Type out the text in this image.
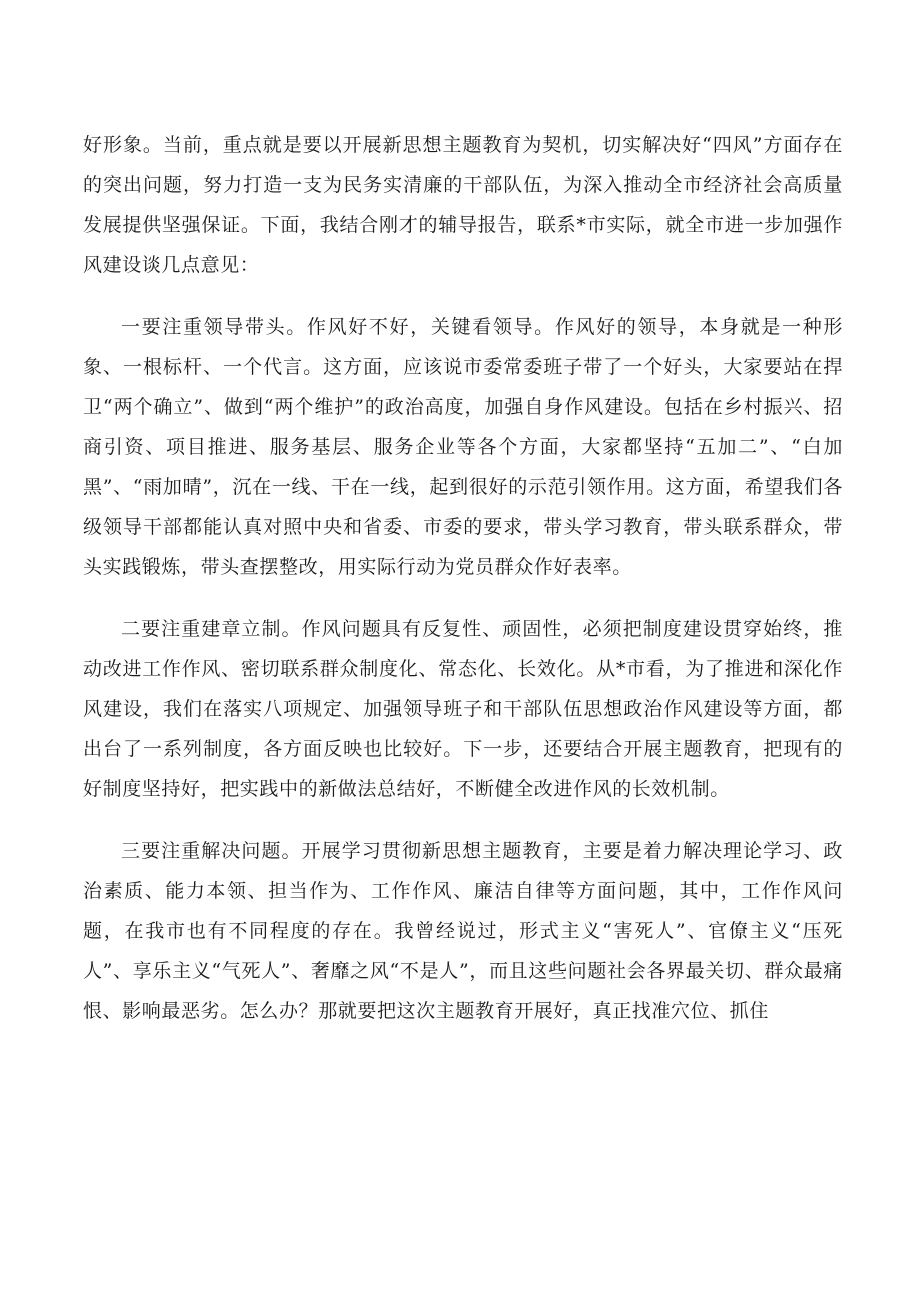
好形象。当前，重点就是要以开展新思想主题教育为契机，切实解决好“四风”方面存在的突出问题，努力打造一支为民务实清廉的干部队伍，为深入推动全市经济社会高质量发展提供坚强保证。下面，我结合刚才的辅导报告，联系*市实际，就全市进一步加强作风建设谈几点意见：

一要注重领导带头。作风好不好，关键看领导。作风好的领导，本身就是一种形象、一根标杆、一个代言。这方面，应该说市委常委班子带了一个好头，大家要站在捍卫“两个确立”、做到“两个维护”的政治高度，加强自身作风建设。包括在乡村振兴、招商引资、项目推进、服务基层、服务企业等各个方面，大家都坚持“五加二”、“白加黑”、“雨加晴”，沉在一线、干在一线，起到很好的示范引领作用。这方面，希望我们各级领导干部都能认真对照中央和省委、市委的要求，带头学习教育，带头联系群众，带头实践锻炼，带头查摆整改，用实际行动为党员群众作好表率。

二要注重建章立制。作风问题具有反复性、顽固性，必须把制度建设贯穿始终，推动改进工作作风、密切联系群众制度化、常态化、长效化。从*市看，为了推进和深化作风建设，我们在落实八项规定、加强领导班子和干部队伍思想政治作风建设等方面，都出台了一系列制度，各方面反映也比较好。下一步，还要结合开展主题教育，把现有的好制度坚持好，把实践中的新做法总结好，不断健全改进作风的长效机制。

三要注重解决问题。开展学习贯彻新思想主题教育，主要是着力解决理论学习、政治素质、能力本领、担当作为、工作作风、廉洁自律等方面问题，其中，工作作风问题，在我市也有不同程度的存在。我曾经说过，形式主义“害死人”、官僚主义“压死人”、享乐主义“气死人”、奢靡之风“不是人”，而且这些问题社会各界最关切、群众最痛恨、影响最恶劣。怎么办？那就要把这次主题教育开展好，真正找准穴位、抓住
